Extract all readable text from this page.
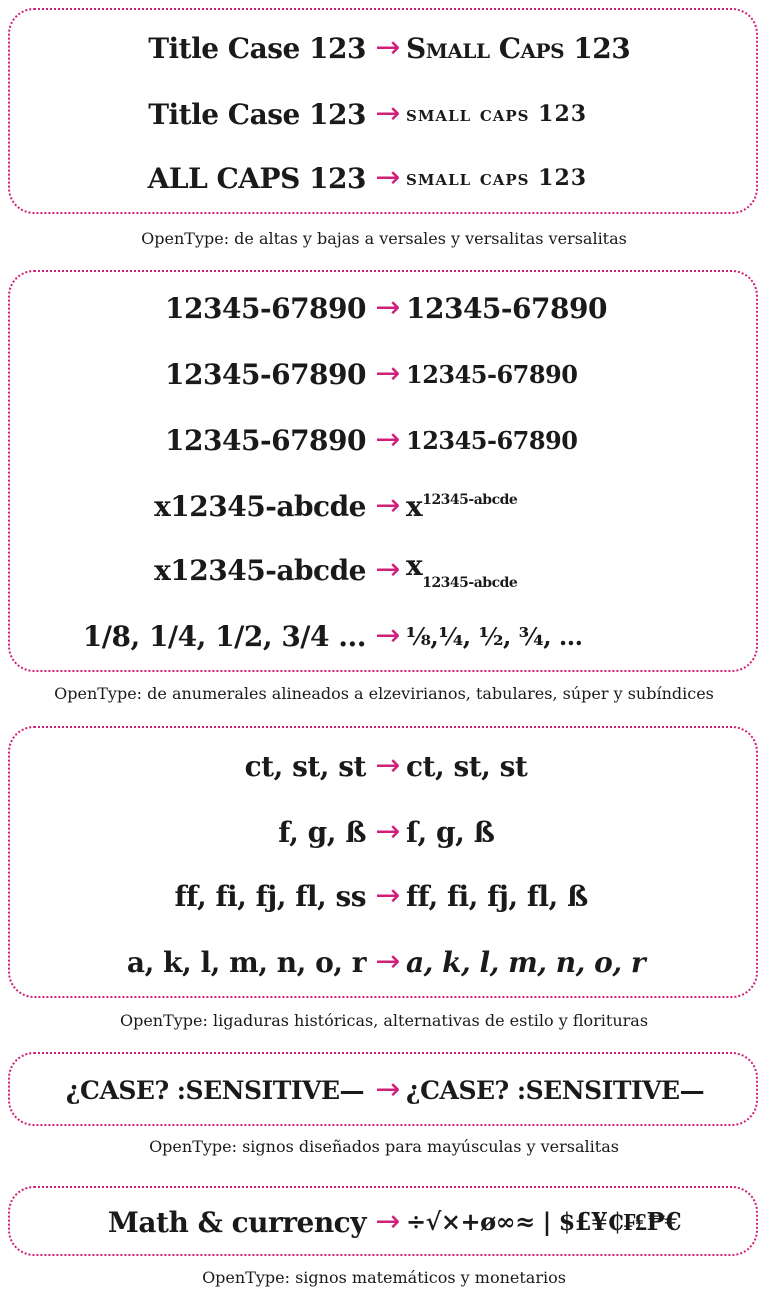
Title Case 123 → Small Caps 123
Title Case 123 → small caps 123
ALL CAPS 123 → small caps 123
OpenType: de altas y bajas a versales y versalitas versalitas
12345-67890 → 12345-67890
12345-67890 → 12345-67890
12345-67890 → 12345-67890
x12345-abcde → $x^{12345-abcde}$
x12345-abcde → $x_{12345-abcde}$
1/8, 1/4, 1/2, 3/4 ... → ⅛,¼, ½, ¾, ...
OpenType: de anumerales alineados a elzevirianos, tabulares, súper y subíndices
ct, st, st → ct, st, st
f, g, ß → ſ, g, ß
ff, fi, fj, fl, ss → ff, fi, fj, fl, ß
a, k, l, m, n, o, r → a, k, l, m, n, o, r
OpenType: ligaduras históricas, alternativas de estilo y florituras
¿CASE? :SENSITIVE— → ¿CASE? :SENSITIVE—
OpenType: signos diseñados para mayúsculas y versalitas
Math & currency → ÷√×+ø∞≈ | $£¥₵₣₤₱€
OpenType: signos matemáticos y monetarios
